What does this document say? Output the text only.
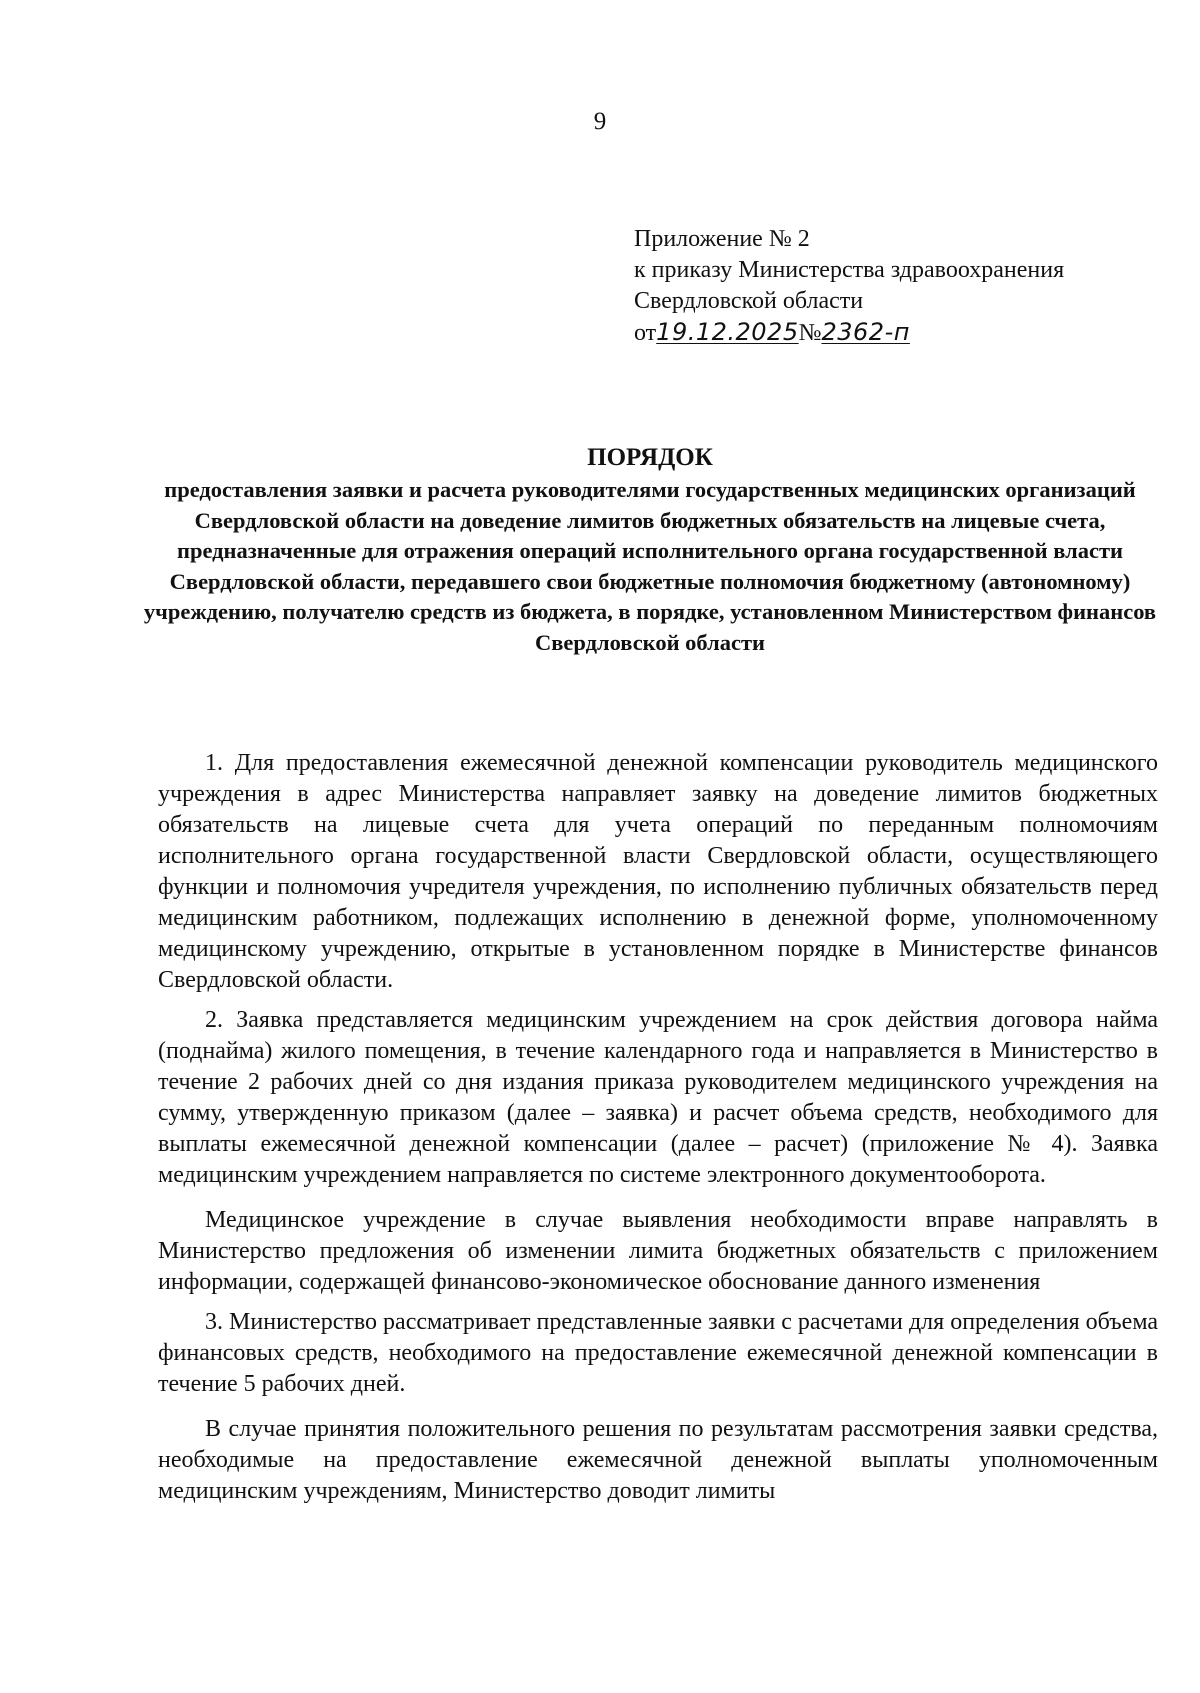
9
Приложение № 2
к приказу Министерства здравоохранения
Свердловской области
от19.12.2025№2362-п

ПОРЯДОК

предоставления заявки и расчета руководителями государственных медицинских организаций Свердловской области на доведение лимитов бюджетных обязательств на лицевые счета, предназначенные для отражения операций исполнительного органа государственной власти Свердловской области, передавшего свои бюджетные полномочия бюджетному (автономному) учреждению, получателю средств из бюджета, в порядке, установленном Министерством финансов Свердловской области

1. Для предоставления ежемесячной денежной компенсации руководитель медицинского учреждения в адрес Министерства направляет заявку на доведение лимитов бюджетных обязательств на лицевые счета для учета операций по переданным полномочиям исполнительного органа государственной власти Свердловской области, осуществляющего функции и полномочия учредителя учреждения, по исполнению публичных обязательств перед медицинским работником, подлежащих исполнению в денежной форме, уполномоченному медицинскому учреждению, открытые в установленном порядке в Министерстве финансов Свердловской области.

2. Заявка представляется медицинским учреждением на срок действия договора найма (поднайма) жилого помещения, в течение календарного года и направляется в Министерство в течение 2 рабочих дней со дня издания приказа руководителем медицинского учреждения на сумму, утвержденную приказом (далее – заявка) и расчет объема средств, необходимого для выплаты ежемесячной денежной компенсации (далее – расчет) (приложение № 4). Заявка медицинским учреждением направляется по системе электронного документооборота.

Медицинское учреждение в случае выявления необходимости вправе направлять в Министерство предложения об изменении лимита бюджетных обязательств с приложением информации, содержащей финансово-экономическое обоснование данного изменения

3. Министерство рассматривает представленные заявки с расчетами для определения объема финансовых средств, необходимого на предоставление ежемесячной денежной компенсации в течение 5 рабочих дней.

В случае принятия положительного решения по результатам рассмотрения заявки средства, необходимые на предоставление ежемесячной денежной выплаты уполномоченным медицинским учреждениям, Министерство доводит лимиты
